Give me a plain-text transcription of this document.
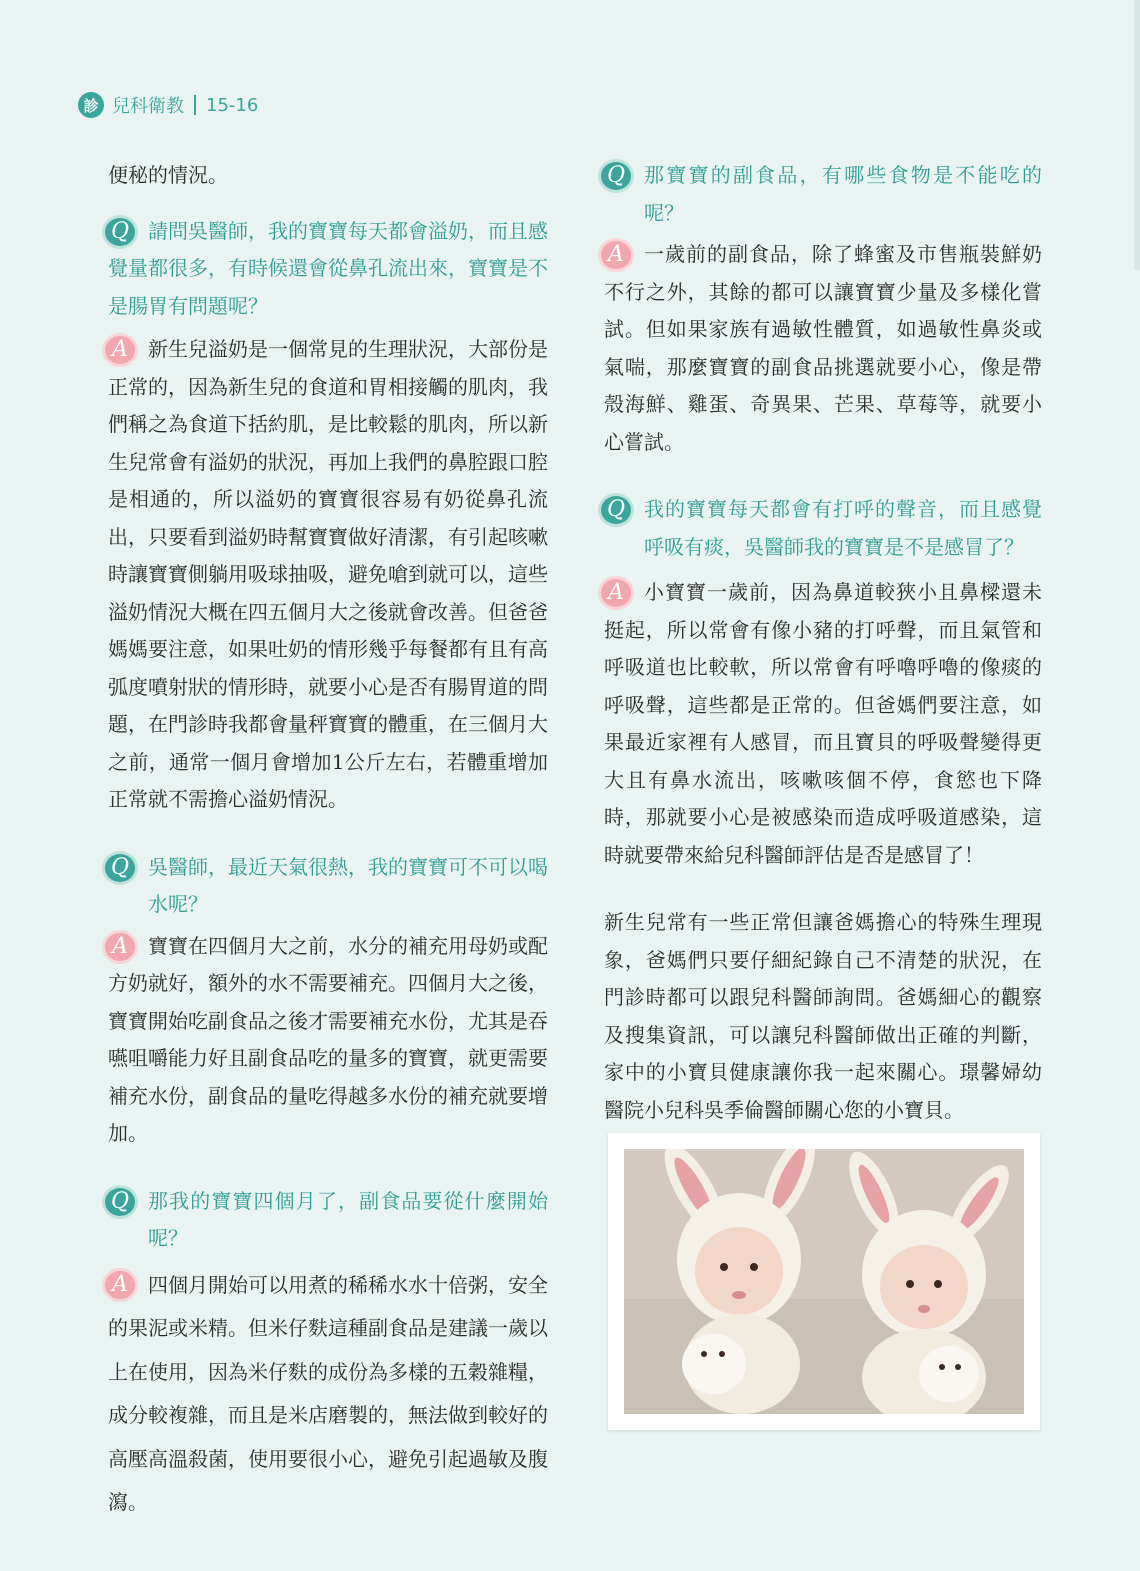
診 兒科衛教 15-16

便秘的情況。

Q 請問吳醫師，我的寶寶每天都會溢奶，而且感覺量都很多，有時候還會從鼻孔流出來，寶寶是不是腸胃有問題呢？

A	新生兒溢奶是一個常見的生理狀況，大部份是正常的，因為新生兒的食道和胃相接觸的肌肉，我們稱之為食道下括約肌，是比較鬆的肌肉，所以新生兒常會有溢奶的狀況，再加上我們的鼻腔跟口腔是相通的，所以溢奶的寶寶很容易有奶從鼻孔流出，只要看到溢奶時幫寶寶做好清潔，有引起咳嗽時讓寶寶側躺用吸球抽吸，避免嗆到就可以，這些溢奶情況大概在四五個月大之後就會改善。但爸爸媽媽要注意，如果吐奶的情形幾乎每餐都有且有高弧度噴射狀的情形時，就要小心是否有腸胃道的問題，在門診時我都會量秤寶寶的體重，在三個月大之前，通常一個月會增加1公斤左右，若體重增加正常就不需擔心溢奶情況。

Q 吳醫師，最近天氣很熱，我的寶寶可不可以喝水呢？

A	寶寶在四個月大之前，水分的補充用母奶或配方奶就好，額外的水不需要補充。四個月大之後，寶寶開始吃副食品之後才需要補充水份，尤其是吞嚥咀嚼能力好且副食品吃的量多的寶寶，就更需要補充水份，副食品的量吃得越多水份的補充就要增加。

Q 那我的寶寶四個月了，副食品要從什麼開始呢？

A	四個月開始可以用煮的稀稀水水十倍粥，安全的果泥或米精。但米仔麩這種副食品是建議一歲以上在使用，因為米仔麩的成份為多樣的五穀雜糧，成分較複雜，而且是米店磨製的，無法做到較好的高壓高溫殺菌，使用要很小心，避免引起過敏及腹瀉。

Q 那寶寶的副食品，有哪些食物是不能吃的呢？

A	一歲前的副食品，除了蜂蜜及市售瓶裝鮮奶不行之外，其餘的都可以讓寶寶少量及多樣化嘗試。但如果家族有過敏性體質，如過敏性鼻炎或氣喘，那麼寶寶的副食品挑選就要小心，像是帶殼海鮮、雞蛋、奇異果、芒果、草莓等，就要小心嘗試。

Q 我的寶寶每天都會有打呼的聲音，而且感覺呼吸有痰，吳醫師我的寶寶是不是感冒了？

A	小寶寶一歲前，因為鼻道較狹小且鼻樑還未挺起，所以常會有像小豬的打呼聲，而且氣管和呼吸道也比較軟，所以常會有呼嚕呼嚕的像痰的呼吸聲，這些都是正常的。但爸媽們要注意，如果最近家裡有人感冒，而且寶貝的呼吸聲變得更大且有鼻水流出，咳嗽咳個不停，食慾也下降時，那就要小心是被感染而造成呼吸道感染，這時就要帶來給兒科醫師評估是否是感冒了！

新生兒常有一些正常但讓爸媽擔心的特殊生理現象，爸媽們只要仔細紀錄自己不清楚的狀況，在門診時都可以跟兒科醫師詢問。爸媽細心的觀察及搜集資訊，可以讓兒科醫師做出正確的判斷，家中的小寶貝健康讓你我一起來關心。璟馨婦幼醫院小兒科吳季倫醫師關心您的小寶貝。
